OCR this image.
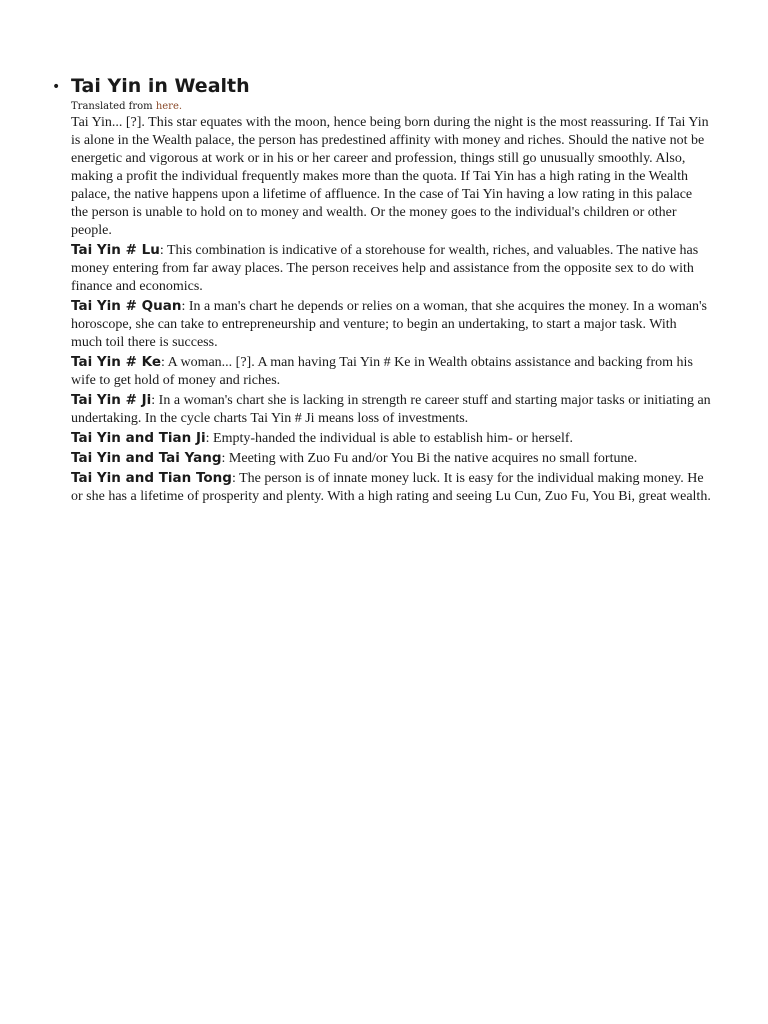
• Tai Yin in Wealth
Translated from here.

Tai Yin... [?]. This star equates with the moon, hence being born during the night is the most reassuring. If Tai Yin is alone in the Wealth palace, the person has predestined affinity with money and riches. Should the native not be energetic and vigorous at work or in his or her career and profession, things still go unusually smoothly. Also, making a profit the individual frequently makes more than the quota. If Tai Yin has a high rating in the Wealth palace, the native happens upon a lifetime of affluence. In the case of Tai Yin having a low rating in this palace the person is unable to hold on to money and wealth. Or the money goes to the individual's children or other people.

Tai Yin # Lu: This combination is indicative of a storehouse for wealth, riches, and valuables. The native has money entering from far away places. The person receives help and assistance from the opposite sex to do with finance and economics.

Tai Yin # Quan: In a man's chart he depends or relies on a woman, that she acquires the money. In a woman's horoscope, she can take to entrepreneurship and venture; to begin an undertaking, to start a major task. With much toil there is success.

Tai Yin # Ke: A woman... [?]. A man having Tai Yin # Ke in Wealth obtains assistance and backing from his wife to get hold of money and riches.

Tai Yin # Ji: In a woman's chart she is lacking in strength re career stuff and starting major tasks or initiating an undertaking. In the cycle charts Tai Yin # Ji means loss of investments.

Tai Yin and Tian Ji: Empty-handed the individual is able to establish him- or herself.

Tai Yin and Tai Yang: Meeting with Zuo Fu and/or You Bi the native acquires no small fortune.

Tai Yin and Tian Tong: The person is of innate money luck. It is easy for the individual making money. He or she has a lifetime of prosperity and plenty. With a high rating and seeing Lu Cun, Zuo Fu, You Bi, great wealth.
